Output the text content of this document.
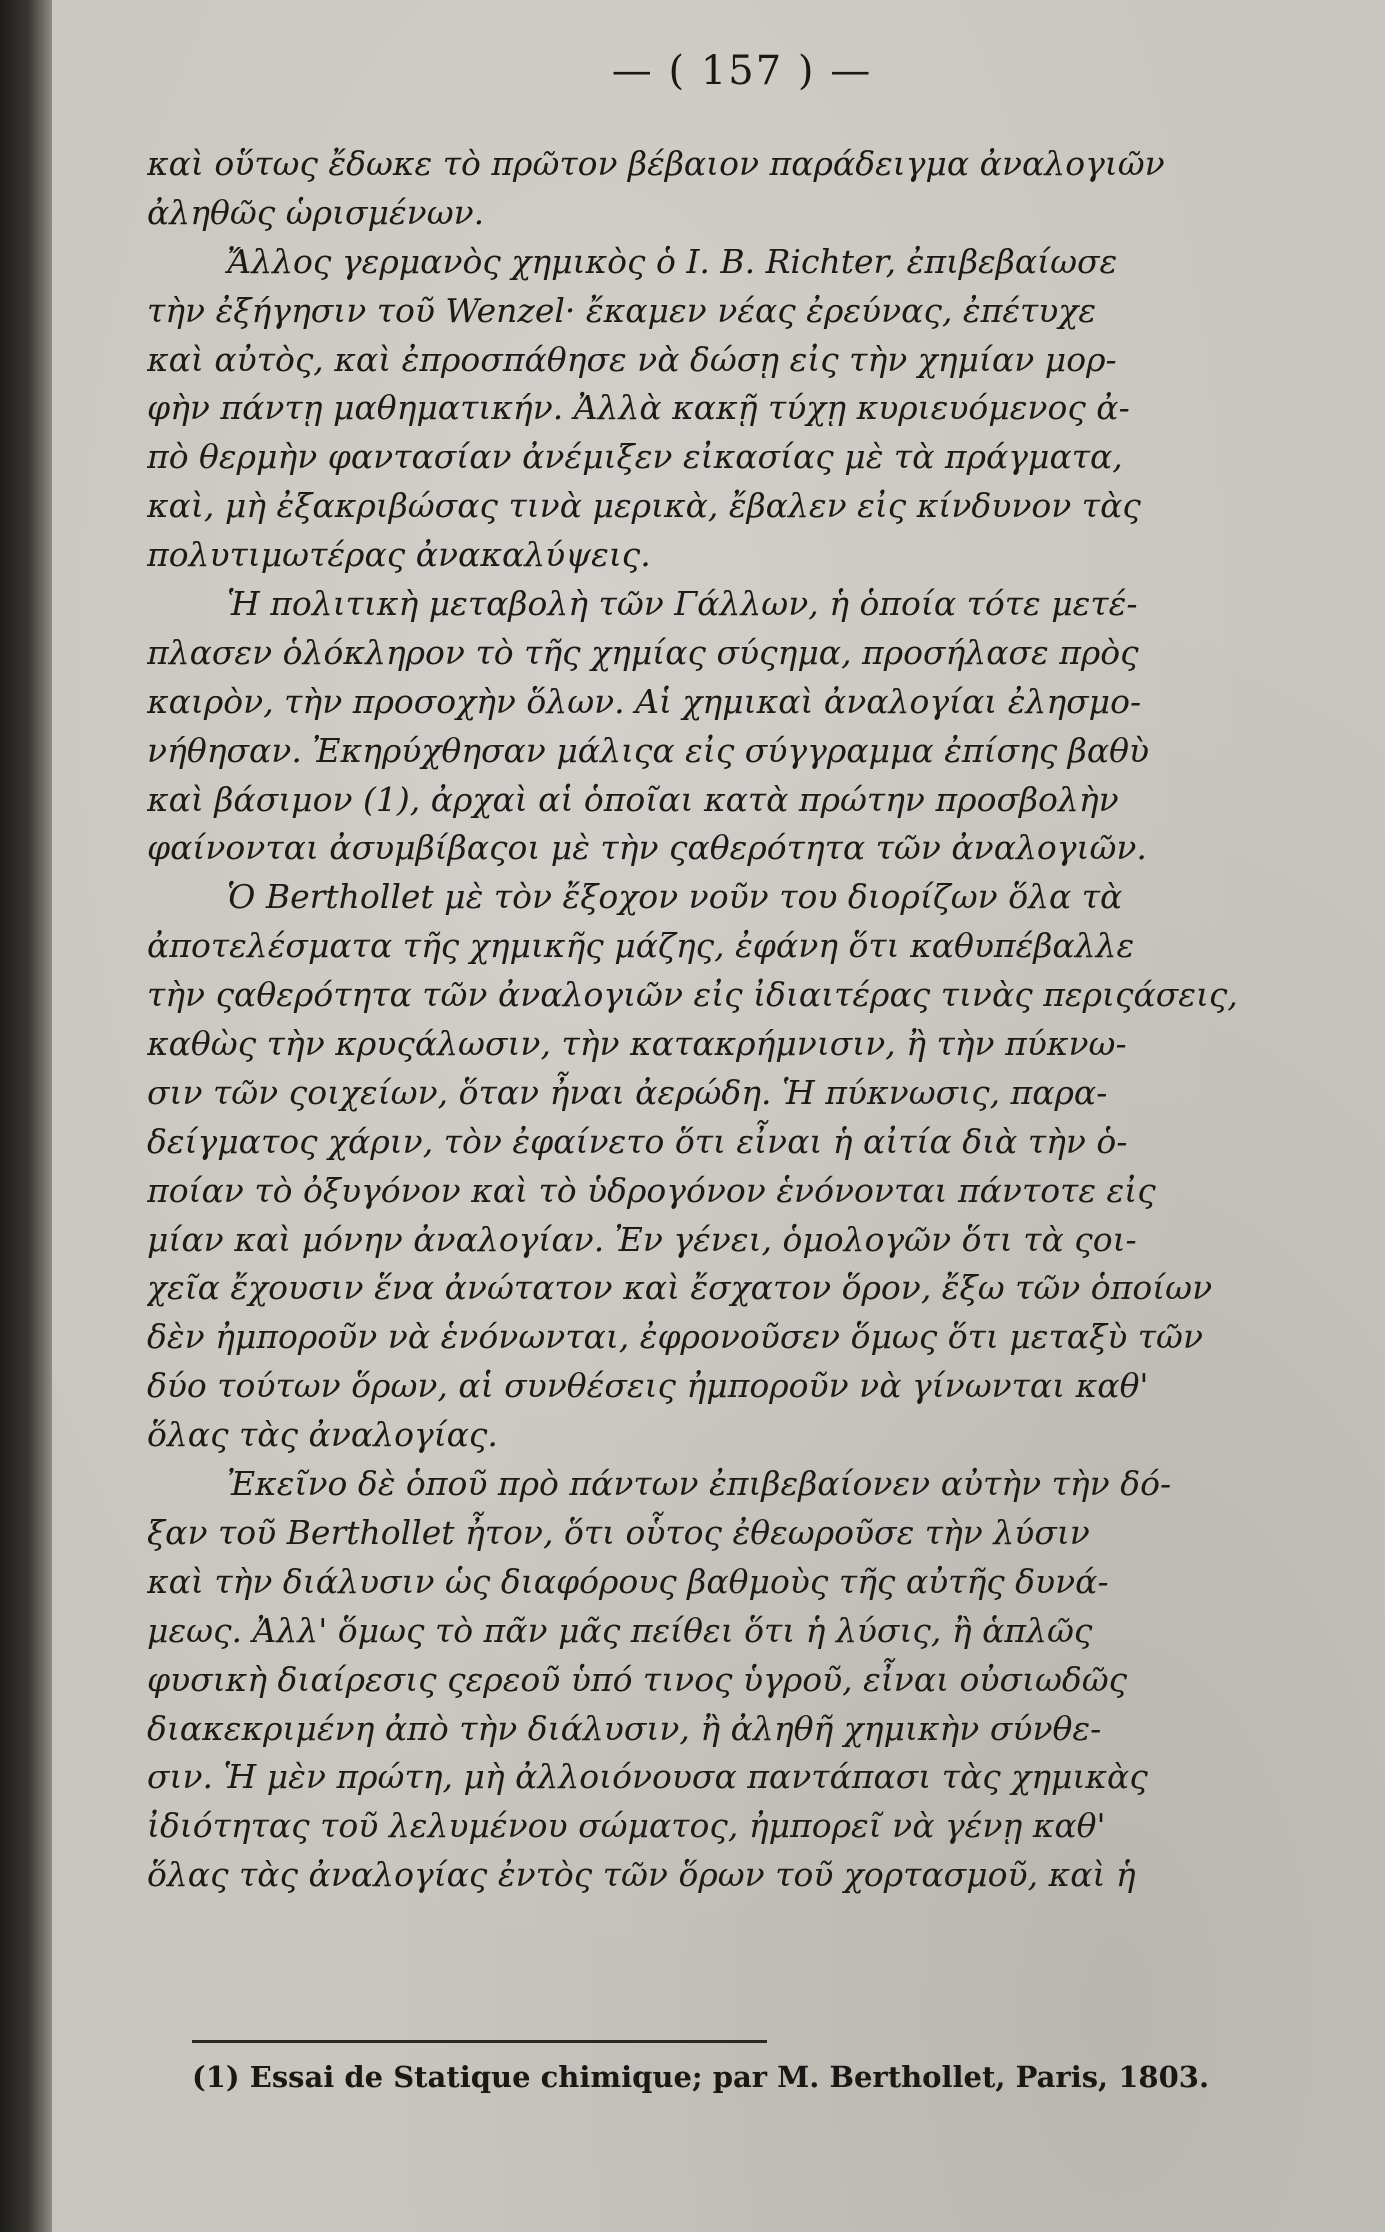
— ( 157 ) —
καὶ οὕτως ἔδωκε τὸ πρῶτον βέβαιον παράδειγμα ἀναλογιῶν
ἀληθῶς ὡρισμένων.
Ἄλλος γερμανὸς χημικὸς ὁ I. B. Richter, ἐπιβεβαίωσε
τὴν ἐξήγησιν τοῦ Wenzel· ἔκαμεν νέας ἐρεύνας, ἐπέτυχε
καὶ αὐτὸς, καὶ ἐπροσπάθησε νὰ δώσῃ εἰς τὴν χημίαν μορ-
φὴν πάντῃ μαθηματικήν. Ἀλλὰ κακῇ τύχῃ κυριευόμενος ἀ-
πὸ θερμὴν φαντασίαν ἀνέμιξεν εἰκασίας μὲ τὰ πράγματα,
καὶ, μὴ ἐξακριβώσας τινὰ μερικὰ, ἔβαλεν εἰς κίνδυνον τὰς
πολυτιμωτέρας ἀνακαλύψεις.
Ἡ πολιτικὴ μεταβολὴ τῶν Γάλλων, ἡ ὁποία τότε μετέ-
πλασεν ὁλόκληρον τὸ τῆς χημίας σύςημα, προσήλασε πρὸς
καιρὸν, τὴν προσοχὴν ὅλων. Αἱ χημικαὶ ἀναλογίαι ἐλησμο-
νήθησαν. Ἐκηρύχθησαν μάλιςα εἰς σύγγραμμα ἐπίσης βαθὺ
καὶ βάσιμον (1), ἀρχαὶ αἱ ὁποῖαι κατὰ πρώτην προσβολὴν
φαίνονται ἀσυμβίβαςοι μὲ τὴν ςαθερότητα τῶν ἀναλογιῶν.
Ὁ Berthollet μὲ τὸν ἔξοχον νοῦν του διορίζων ὅλα τὰ
ἀποτελέσματα τῆς χημικῆς μάζης, ἐφάνη ὅτι καθυπέβαλλε
τὴν ςαθερότητα τῶν ἀναλογιῶν εἰς ἰδιαιτέρας τινὰς περιςάσεις,
καθὼς τὴν κρυςάλωσιν, τὴν κατακρήμνισιν, ἢ τὴν πύκνω-
σιν τῶν ςοιχείων, ὅταν ἦναι ἀερώδη. Ἡ πύκνωσις, παρα-
δείγματος χάριν, τὸν ἐφαίνετο ὅτι εἶναι ἡ αἰτία διὰ τὴν ὁ-
ποίαν τὸ ὀξυγόνον καὶ τὸ ὑδρογόνον ἑνόνονται πάντοτε εἰς
μίαν καὶ μόνην ἀναλογίαν. Ἐν γένει, ὁμολογῶν ὅτι τὰ ςοι-
χεῖα ἔχουσιν ἕνα ἀνώτατον καὶ ἔσχατον ὅρον, ἔξω τῶν ὁποίων
δὲν ἠμποροῦν νὰ ἑνόνωνται, ἐφρονοῦσεν ὅμως ὅτι μεταξὺ τῶν
δύο τούτων ὅρων, αἱ συνθέσεις ἠμποροῦν νὰ γίνωνται καθ'
ὅλας τὰς ἀναλογίας.
Ἐκεῖνο δὲ ὁποῦ πρὸ πάντων ἐπιβεβαίονεν αὐτὴν τὴν δό-
ξαν τοῦ Berthollet ἦτον, ὅτι οὗτος ἐθεωροῦσε τὴν λύσιν
καὶ τὴν διάλυσιν ὡς διαφόρους βαθμοὺς τῆς αὐτῆς δυνά-
μεως. Ἀλλ' ὅμως τὸ πᾶν μᾶς πείθει ὅτι ἡ λύσις, ἢ ἁπλῶς
φυσικὴ διαίρεσις ςερεοῦ ὑπό τινος ὑγροῦ, εἶναι οὐσιωδῶς
διακεκριμένη ἀπὸ τὴν διάλυσιν, ἢ ἀληθῆ χημικὴν σύνθε-
σιν. Ἡ μὲν πρώτη, μὴ ἀλλοιόνουσα παντάπασι τὰς χημικὰς
ἰδιότητας τοῦ λελυμένου σώματος, ἠμπορεῖ νὰ γένῃ καθ'
ὅλας τὰς ἀναλογίας ἐντὸς τῶν ὅρων τοῦ χορτασμοῦ, καὶ ἡ
(1) Essai de Statique chimique; par M. Berthollet, Paris, 1803.
